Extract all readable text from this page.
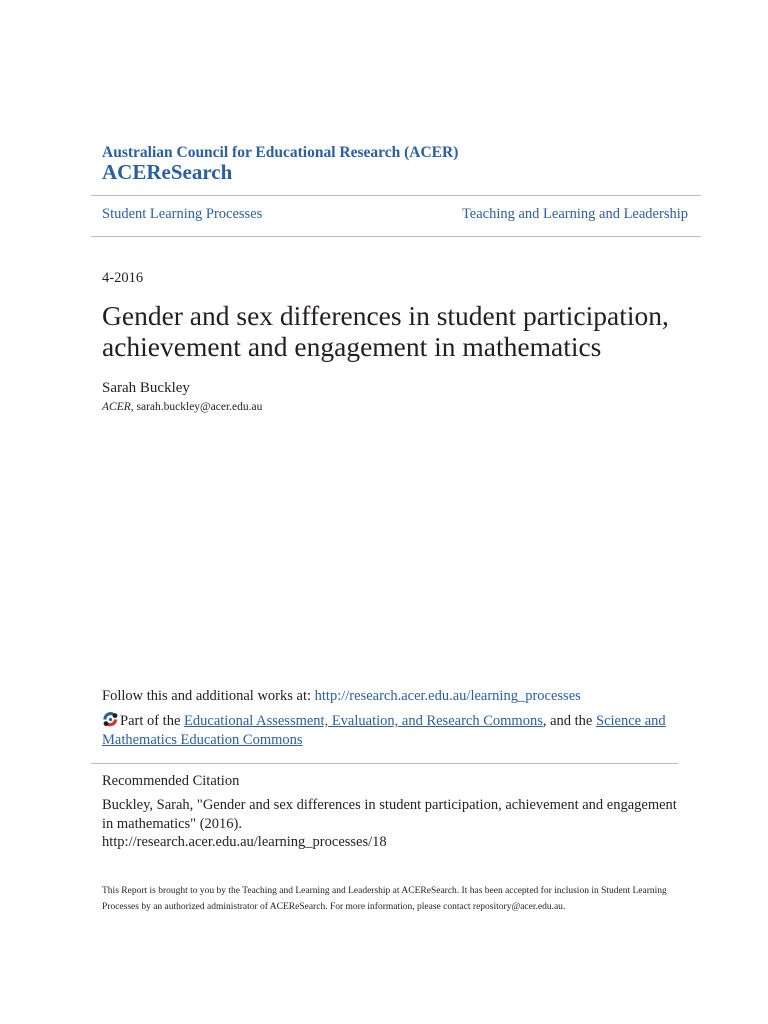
Australian Council for Educational Research (ACER)
ACEReSearch
Student Learning Processes	Teaching and Learning and Leadership
4-2016
Gender and sex differences in student participation, achievement and engagement in mathematics
Sarah Buckley
ACER, sarah.buckley@acer.edu.au
Follow this and additional works at: http://research.acer.edu.au/learning_processes
Part of the Educational Assessment, Evaluation, and Research Commons, and the Science and Mathematics Education Commons
Recommended Citation
Buckley, Sarah, "Gender and sex differences in student participation, achievement and engagement in mathematics" (2016).
http://research.acer.edu.au/learning_processes/18
This Report is brought to you by the Teaching and Learning and Leadership at ACEReSearch. It has been accepted for inclusion in Student Learning Processes by an authorized administrator of ACEReSearch. For more information, please contact repository@acer.edu.au.
